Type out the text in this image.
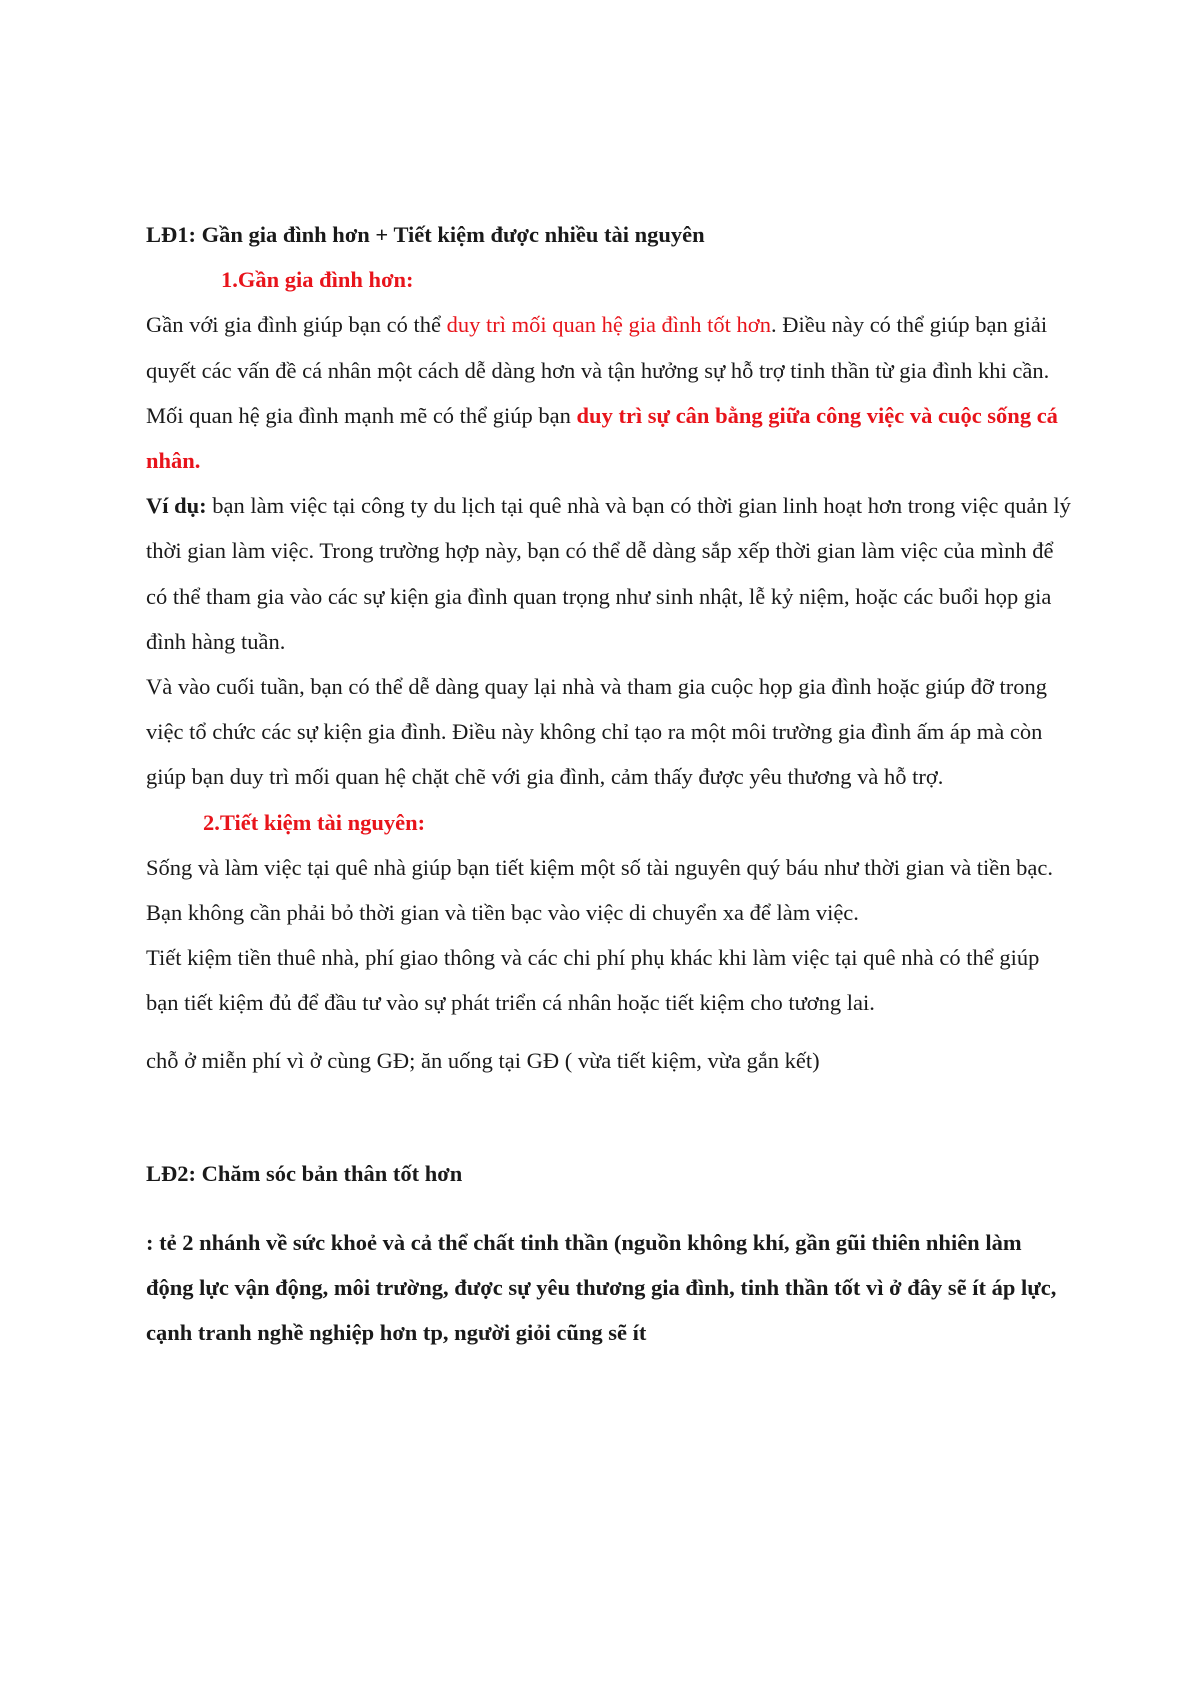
LĐ1: Gần gia đình hơn + Tiết kiệm được nhiều tài nguyên

1.Gần gia đình hơn:

Gần với gia đình giúp bạn có thể duy trì mối quan hệ gia đình tốt hơn. Điều này có thể giúp bạn giải quyết các vấn đề cá nhân một cách dễ dàng hơn và tận hưởng sự hỗ trợ tinh thần từ gia đình khi cần.

Mối quan hệ gia đình mạnh mẽ có thể giúp bạn duy trì sự cân bằng giữa công việc và cuộc sống cá nhân.

Ví dụ: bạn làm việc tại công ty du lịch tại quê nhà và bạn có thời gian linh hoạt hơn trong việc quản lý thời gian làm việc. Trong trường hợp này, bạn có thể dễ dàng sắp xếp thời gian làm việc của mình để có thể tham gia vào các sự kiện gia đình quan trọng như sinh nhật, lễ kỷ niệm, hoặc các buổi họp gia đình hàng tuần.

Và vào cuối tuần, bạn có thể dễ dàng quay lại nhà và tham gia cuộc họp gia đình hoặc giúp đỡ trong việc tổ chức các sự kiện gia đình. Điều này không chỉ tạo ra một môi trường gia đình ấm áp mà còn giúp bạn duy trì mối quan hệ chặt chẽ với gia đình, cảm thấy được yêu thương và hỗ trợ.

2.Tiết kiệm tài nguyên:

Sống và làm việc tại quê nhà giúp bạn tiết kiệm một số tài nguyên quý báu như thời gian và tiền bạc. Bạn không cần phải bỏ thời gian và tiền bạc vào việc di chuyển xa để làm việc.

Tiết kiệm tiền thuê nhà, phí giao thông và các chi phí phụ khác khi làm việc tại quê nhà có thể giúp bạn tiết kiệm đủ để đầu tư vào sự phát triển cá nhân hoặc tiết kiệm cho tương lai.

chỗ ở miễn phí vì ở cùng GĐ; ăn uống tại GĐ ( vừa tiết kiệm, vừa gắn kết)

LĐ2: Chăm sóc bản thân tốt hơn

: tẻ 2 nhánh về sức khoẻ và cả thể chất tinh thần (nguồn không khí, gần gũi thiên nhiên làm động lực vận động, môi trường, được sự yêu thương gia đình, tinh thần tốt vì ở đây sẽ ít áp lực, cạnh tranh nghề nghiệp hơn tp, người giỏi cũng sẽ ít
